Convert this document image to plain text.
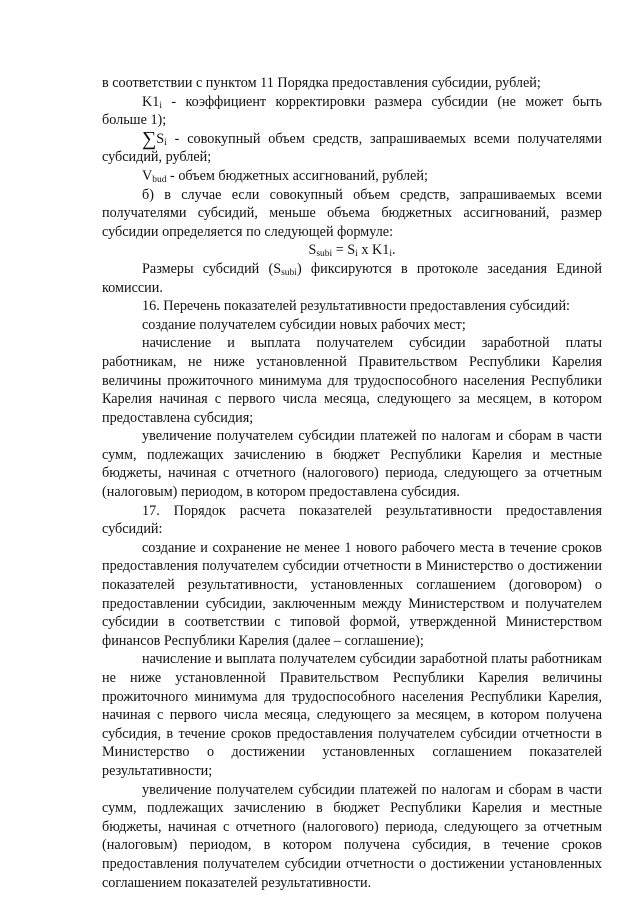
в соответствии с пунктом 11 Порядка предоставления субсидии, рублей;

$K1_i$ - коэффициент корректировки размера субсидии (не может быть больше 1);

$\sum S_i$ - совокупный объем средств, запрашиваемых всеми получателями субсидий, рублей;

$V_{bud}$ - объем бюджетных ассигнований, рублей;

б) в случае если совокупный объем средств, запрашиваемых всеми получателями субсидий, меньше объема бюджетных ассигнований, размер субсидии определяется по следующей формуле:

$S_{subi} = S_i$ x $K1_i$.

Размеры субсидий $(S_{subi})$ фиксируются в протоколе заседания Единой комиссии.

16. Перечень показателей результативности предоставления субсидий:

создание получателем субсидии новых рабочих мест;

начисление и выплата получателем субсидии заработной платы работникам, не ниже установленной Правительством Республики Карелия величины прожиточного минимума для трудоспособного населения Республики Карелия начиная с первого числа месяца, следующего за месяцем, в котором предоставлена субсидия;

увеличение получателем субсидии платежей по налогам и сборам в части сумм, подлежащих зачислению в бюджет Республики Карелия и местные бюджеты, начиная с отчетного (налогового) периода, следующего за отчетным (налоговым) периодом, в котором предоставлена субсидия.

17. Порядок расчета показателей результативности предоставления субсидий:

создание и сохранение не менее 1 нового рабочего места в течение сроков предоставления получателем субсидии отчетности в Министерство о достижении показателей результативности, установленных соглашением (договором) о предоставлении субсидии, заключенным между Министерством и получателем субсидии в соответствии с типовой формой, утвержденной Министерством финансов Республики Карелия (далее – соглашение);

начисление и выплата получателем субсидии заработной платы работникам не ниже установленной Правительством Республики Карелия величины прожиточного минимума для трудоспособного населения Республики Карелия, начиная с первого числа месяца, следующего за месяцем, в котором получена субсидия, в течение сроков предоставления получателем субсидии отчетности в Министерство о достижении установленных соглашением показателей результативности;

увеличение получателем субсидии платежей по налогам и сборам в части сумм, подлежащих зачислению в бюджет Республики Карелия и местные бюджеты, начиная с отчетного (налогового) периода, следующего за отчетным (налоговым) периодом, в котором получена субсидия, в течение сроков предоставления получателем субсидии отчетности о достижении установленных соглашением показателей результативности.
